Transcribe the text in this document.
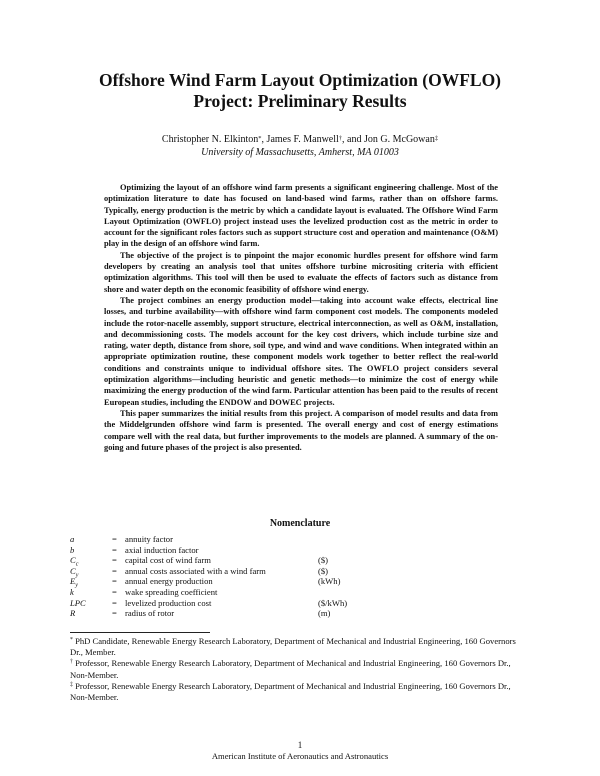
Offshore Wind Farm Layout Optimization (OWFLO)
Project: Preliminary Results
Christopher N. Elkinton*, James F. Manwell†, and Jon G. McGowan‡
University of Massachusetts, Amherst, MA 01003

Optimizing the layout of an offshore wind farm presents a significant engineering challenge. Most of the optimization literature to date has focused on land-based wind farms, rather than on offshore farms. Typically, energy production is the metric by which a candidate layout is evaluated. The Offshore Wind Farm Layout Optimization (OWFLO) project instead uses the levelized production cost as the metric in order to account for the significant roles factors such as support structure cost and operation and maintenance (O&M) play in the design of an offshore wind farm.

The objective of the project is to pinpoint the major economic hurdles present for offshore wind farm developers by creating an analysis tool that unites offshore turbine micrositing criteria with efficient optimization algorithms. This tool will then be used to evaluate the effects of factors such as distance from shore and water depth on the economic feasibility of offshore wind energy.

The project combines an energy production model—taking into account wake effects, electrical line losses, and turbine availability—with offshore wind farm component cost models. The components modeled include the rotor-nacelle assembly, support structure, electrical interconnection, as well as O&M, installation, and decommissioning costs. The models account for the key cost drivers, which include turbine size and rating, water depth, distance from shore, soil type, and wind and wave conditions. When integrated within an appropriate optimization routine, these component models work together to better reflect the real-world conditions and constraints unique to individual offshore sites. The OWFLO project considers several optimization algorithms—including heuristic and genetic methods—to minimize the cost of energy while maximizing the energy production of the wind farm. Particular attention has been paid to the results of recent European studies, including the ENDOW and DOWEC projects.

This paper summarizes the initial results from this project. A comparison of model results and data from the Middelgrunden offshore wind farm is presented. The overall energy and cost of energy estimations compare well with the real data, but further improvements to the models are planned. A summary of the on-going and future phases of the project is also presented.

Nomenclature
a	= annuity factor
b	= axial induction factor
$C_c$	= capital cost of wind farm	($)
$C_y$	= annual costs associated with a wind farm	($)
$E_y$	= annual energy production	(kWh)
k	= wake spreading coefficient
LPC	= levelized production cost	($/kWh)
R	= radius of rotor	(m)

* PhD Candidate, Renewable Energy Research Laboratory, Department of Mechanical and Industrial Engineering, 160 Governors Dr., Member.

† Professor, Renewable Energy Research Laboratory, Department of Mechanical and Industrial Engineering, 160 Governors Dr., Non-Member.

‡ Professor, Renewable Energy Research Laboratory, Department of Mechanical and Industrial Engineering, 160 Governors Dr., Non-Member.

1
American Institute of Aeronautics and Astronautics
